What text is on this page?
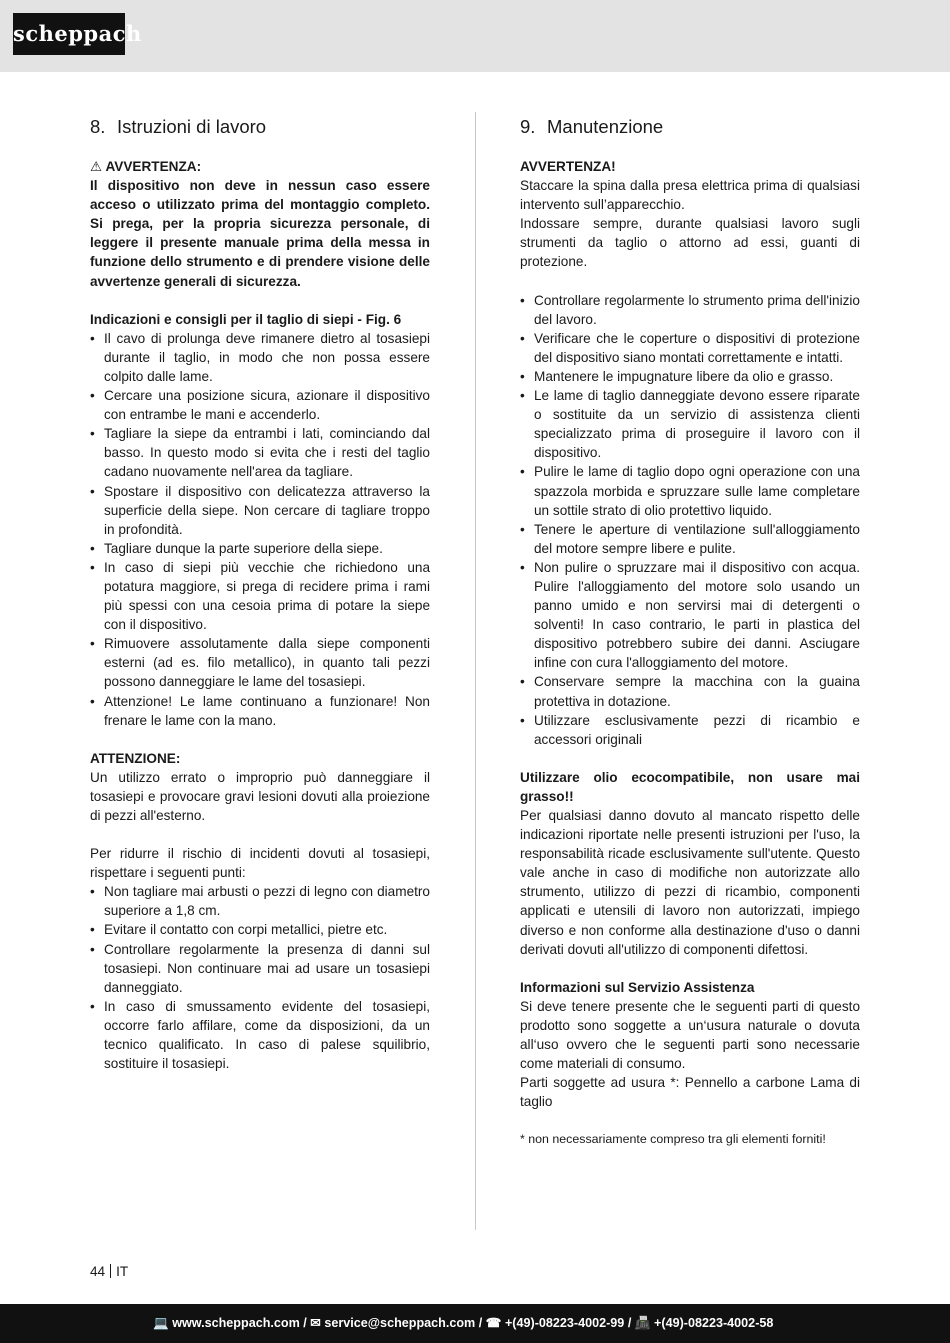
scheppach
8. Istruzioni di lavoro

⚠ AVVERTENZA:

Il dispositivo non deve in nessun caso essere acceso o utilizzato prima del montaggio completo. Si prega, per la propria sicurezza personale, di leggere il presente manuale prima della messa in funzione dello strumento e di prendere visione delle avvertenze generali di sicurezza.

Indicazioni e consigli per il taglio di siepi - Fig. 6

• Il cavo di prolunga deve rimanere dietro al tosasiepi durante il taglio, in modo che non possa essere colpito dalle lame.
• Cercare una posizione sicura, azionare il dispositivo con entrambe le mani e accenderlo.
• Tagliare la siepe da entrambi i lati, cominciando dal basso. In questo modo si evita che i resti del taglio cadano nuovamente nell'area da tagliare.
• Spostare il dispositivo con delicatezza attraverso la superficie della siepe. Non cercare di tagliare troppo in profondità.
• Tagliare dunque la parte superiore della siepe.
• In caso di siepi più vecchie che richiedono una potatura maggiore, si prega di recidere prima i rami più spessi con una cesoia prima di potare la siepe con il dispositivo.
• Rimuovere assolutamente dalla siepe componenti esterni (ad es. filo metallico), in quanto tali pezzi possono danneggiare le lame del tosasiepi.
• Attenzione! Le lame continuano a funzionare! Non frenare le lame con la mano.

ATTENZIONE:

Un utilizzo errato o improprio può danneggiare il tosasiepi e provocare gravi lesioni dovuti alla proiezione di pezzi all'esterno.

Per ridurre il rischio di incidenti dovuti al tosasiepi, rispettare i seguenti punti:

• Non tagliare mai arbusti o pezzi di legno con diametro superiore a 1,8 cm.
• Evitare il contatto con corpi metallici, pietre etc.
• Controllare regolarmente la presenza di danni sul tosasiepi. Non continuare mai ad usare un tosasiepi danneggiato.
• In caso di smussamento evidente del tosasiepi, occorre farlo affilare, come da disposizioni, da un tecnico qualificato. In caso di palese squilibrio, sostituire il tosasiepi.
9. Manutenzione

AVVERTENZA!

Staccare la spina dalla presa elettrica prima di qualsiasi intervento sull’apparecchio.

Indossare sempre, durante qualsiasi lavoro sugli strumenti da taglio o attorno ad essi, guanti di protezione.

• Controllare regolarmente lo strumento prima dell'inizio del lavoro.
• Verificare che le coperture o dispositivi di protezione del dispositivo siano montati correttamente e intatti.
• Mantenere le impugnature libere da olio e grasso.
• Le lame di taglio danneggiate devono essere riparate o sostituite da un servizio di assistenza clienti specializzato prima di proseguire il lavoro con il dispositivo.
• Pulire le lame di taglio dopo ogni operazione con una spazzola morbida e spruzzare sulle lame completare un sottile strato di olio protettivo liquido.
• Tenere le aperture di ventilazione sull'alloggiamento del motore sempre libere e pulite.
• Non pulire o spruzzare mai il dispositivo con acqua. Pulire l'alloggiamento del motore solo usando un panno umido e non servirsi mai di detergenti o solventi! In caso contrario, le parti in plastica del dispositivo potrebbero subire dei danni. Asciugare infine con cura l'alloggiamento del motore.
• Conservare sempre la macchina con la guaina protettiva in dotazione.
• Utilizzare esclusivamente pezzi di ricambio e accessori originali

Utilizzare olio ecocompatibile, non usare mai grasso!!

Per qualsiasi danno dovuto al mancato rispetto delle indicazioni riportate nelle presenti istruzioni per l'uso, la responsabilità ricade esclusivamente sull'utente. Questo vale anche in caso di modifiche non autorizzate allo strumento, utilizzo di pezzi di ricambio, componenti applicati e utensili di lavoro non autorizzati, impiego diverso e non conforme alla destinazione d'uso o danni derivati dovuti all'utilizzo di componenti difettosi.

Informazioni sul Servizio Assistenza

Si deve tenere presente che le seguenti parti di questo prodotto sono soggette a un‘usura naturale o dovuta all‘uso ovvero che le seguenti parti sono necessarie come materiali di consumo.

Parti soggette ad usura *: Pennello a carbone Lama di taglio

* non necessariamente compreso tra gli elementi forniti!

44 IT
💻 www.scheppach.com / ✉ service@scheppach.com / ☎ +(49)-08223-4002-99 / 📠 +(49)-08223-4002-58
